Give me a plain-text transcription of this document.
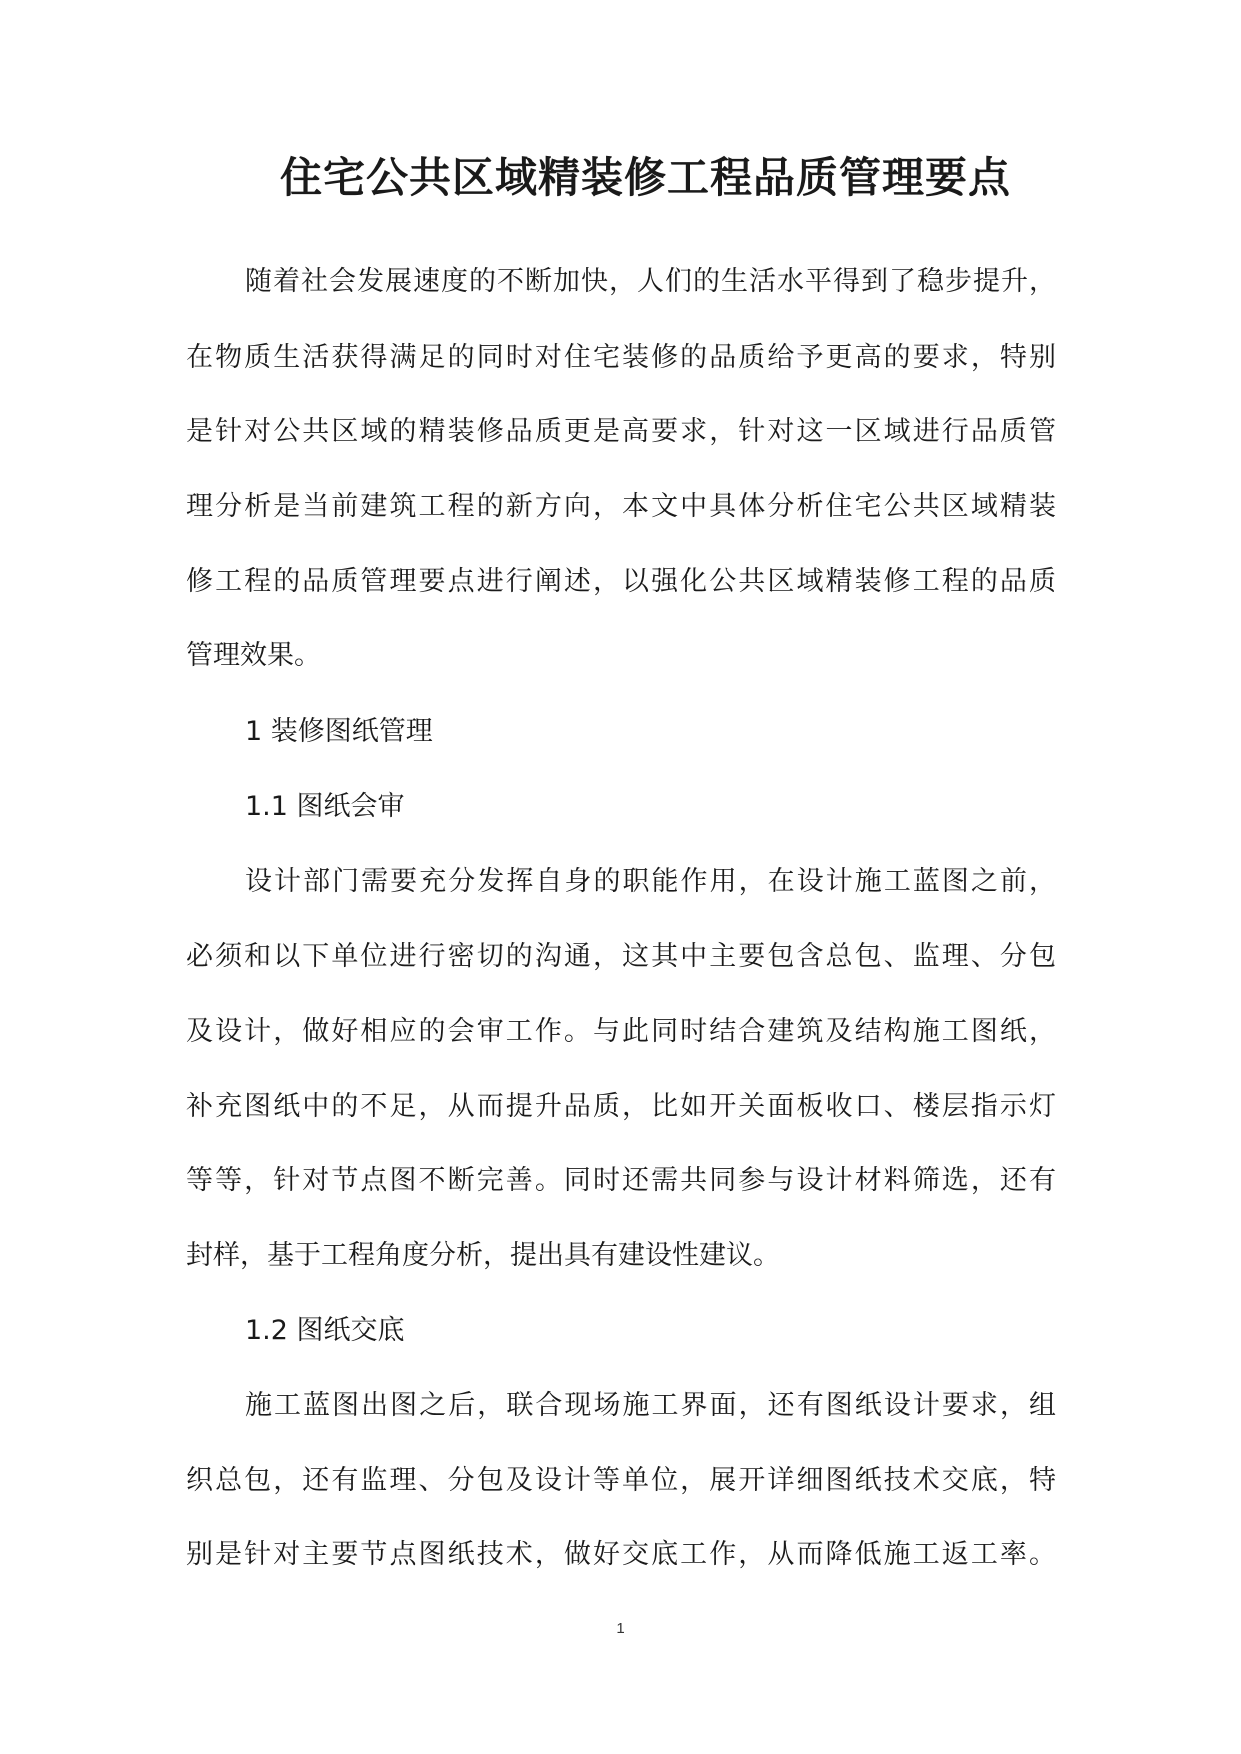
住宅公共区域精装修工程品质管理要点
随着社会发展速度的不断加快，人们的生活水平得到了稳步提升，
在物质生活获得满足的同时对住宅装修的品质给予更高的要求，特别
是针对公共区域的精装修品质更是高要求，针对这一区域进行品质管
理分析是当前建筑工程的新方向，本文中具体分析住宅公共区域精装
修工程的品质管理要点进行阐述，以强化公共区域精装修工程的品质
管理效果。
1 装修图纸管理
1.1 图纸会审
设计部门需要充分发挥自身的职能作用，在设计施工蓝图之前，
必须和以下单位进行密切的沟通，这其中主要包含总包、监理、分包
及设计，做好相应的会审工作。与此同时结合建筑及结构施工图纸，
补充图纸中的不足，从而提升品质，比如开关面板收口、楼层指示灯
等等，针对节点图不断完善。同时还需共同参与设计材料筛选，还有
封样，基于工程角度分析，提出具有建设性建议。
1.2 图纸交底
施工蓝图出图之后，联合现场施工界面，还有图纸设计要求，组
织总包，还有监理、分包及设计等单位，展开详细图纸技术交底，特
别是针对主要节点图纸技术，做好交底工作，从而降低施工返工率。
1
